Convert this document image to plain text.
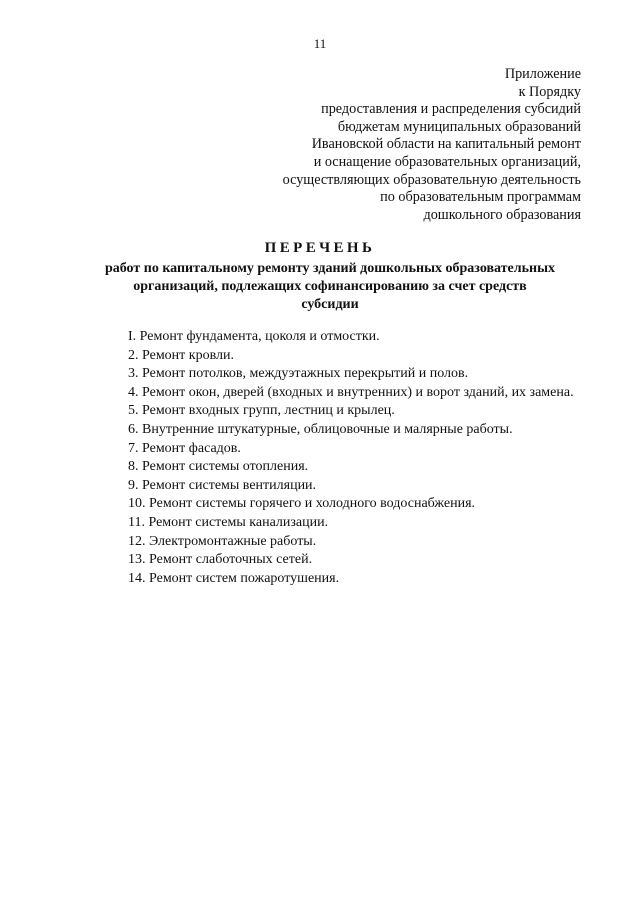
11
Приложение
к Порядку
предоставления и распределения субсидий
бюджетам муниципальных образований
Ивановской области на капитальный ремонт
и оснащение образовательных организаций,
осуществляющих образовательную деятельность
по образовательным программам
дошкольного образования
ПЕРЕЧЕНЬ
работ по капитальному ремонту зданий дошкольных образовательных
организаций, подлежащих софинансированию за счет средств
субсидии
I. Ремонт фундамента, цоколя и отмостки.
2. Ремонт кровли.
3. Ремонт потолков, междуэтажных перекрытий и полов.
4. Ремонт окон, дверей (входных и внутренних) и ворот зданий, их замена.
5. Ремонт входных групп, лестниц и крылец.
6. Внутренние штукатурные, облицовочные и малярные работы.
7. Ремонт фасадов.
8. Ремонт системы отопления.
9. Ремонт системы вентиляции.
10. Ремонт системы горячего и холодного водоснабжения.
11. Ремонт системы канализации.
12. Электромонтажные работы.
13. Ремонт слаботочных сетей.
14. Ремонт систем пожаротушения.
